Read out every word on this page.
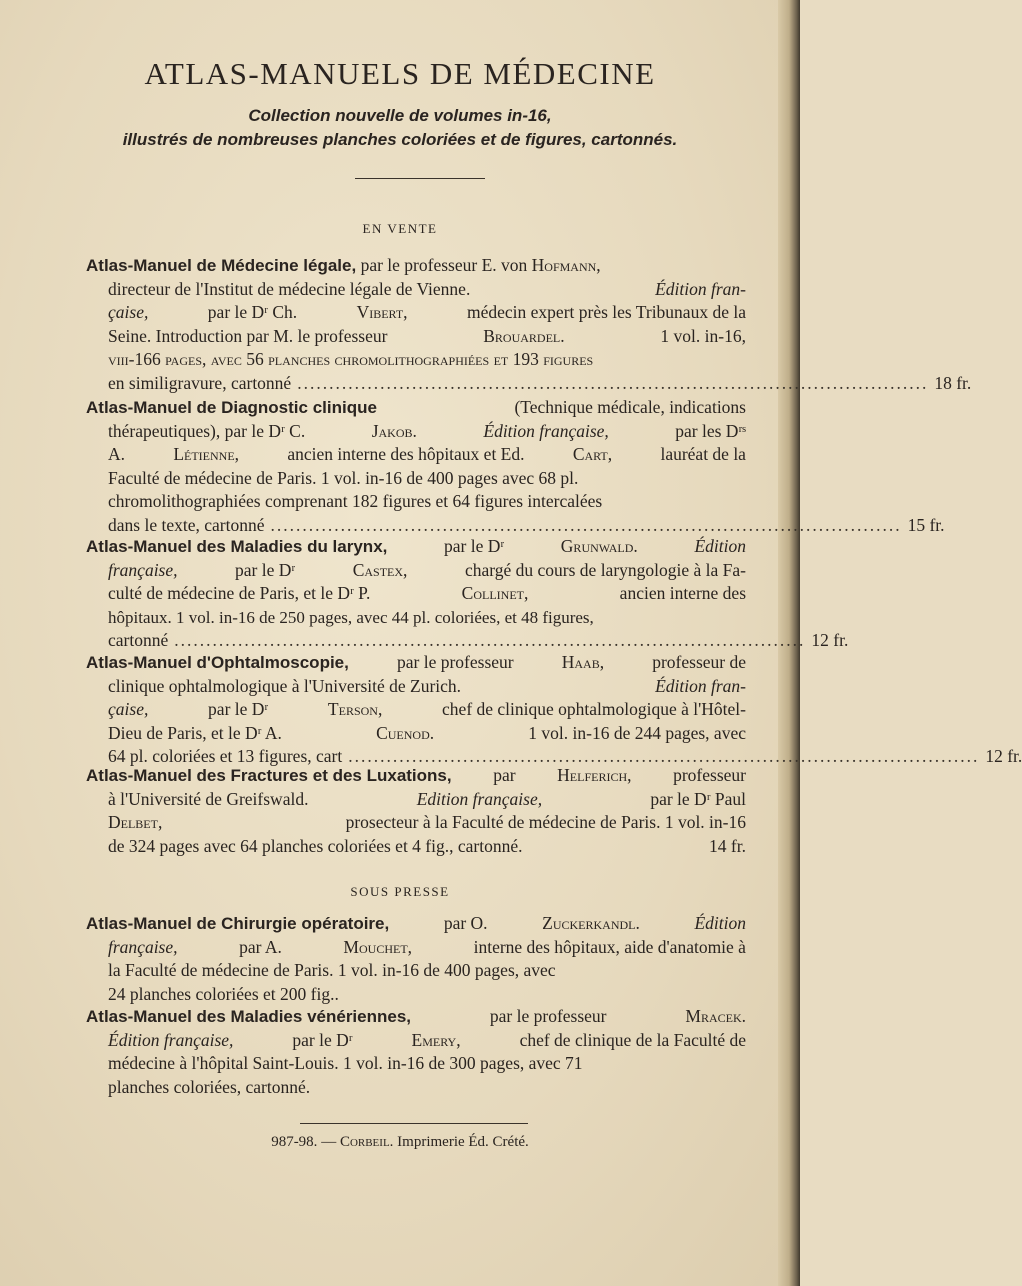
ATLAS-MANUELS DE MÉDECINE
Collection nouvelle de volumes in-16,
illustrés de nombreuses planches coloriées et de figures, cartonnés.
EN VENTE
Atlas-Manuel de Médecine légale, par le professeur E. von Hofmann,
directeur de l'Institut de médecine légale de Vienne.	Édition fran-
çaise,	par le Dʳ Ch.	Vibert,	médecin expert près les Tribunaux de la
Seine. Introduction par M. le professeur	Brouardel.	1 vol. in-16,
viii-166 pages, avec 56 planches chromolithographiées et 193 figures
en similigravure, cartonné ................................................................................................... 18 fr.
Atlas-Manuel de Diagnostic clinique	(Technique médicale, indications
thérapeutiques), par le Dʳ C.	Jakob.	Édition française,	par les Dʳˢ
A.	Létienne,	ancien interne des hôpitaux et Ed.	Cart,	lauréat de la
Faculté de médecine de Paris. 1 vol. in-16 de 400 pages avec 68 pl.
chromolithographiées comprenant 182 figures et 64 figures intercalées
dans le texte, cartonné ................................................................................................... 15 fr.
Atlas-Manuel des Maladies du larynx,	par le Dʳ	Grunwald.	Édition
française,	par le Dʳ	Castex,	chargé du cours de laryngologie à la Fa-
culté de médecine de Paris, et le Dʳ P.	Collinet,	ancien interne des
hôpitaux. 1 vol. in-16 de 250 pages, avec 44 pl. coloriées, et 48 figures,
cartonné ................................................................................................... 12 fr.
Atlas-Manuel d'Ophtalmoscopie,	par le professeur	Haab,	professeur de
clinique ophtalmologique à l'Université de Zurich.	Édition fran-
çaise,	par le Dʳ	Terson,	chef de clinique ophtalmologique à l'Hôtel-
Dieu de Paris, et le Dʳ A.	Cuenod.	1 vol. in-16 de 244 pages, avec
64 pl. coloriées et 13 figures, cart ................................................................................................... 12 fr.
Atlas-Manuel des Fractures et des Luxations, par Helferich, professeur
à l'Université de Greifswald.	Edition française,	par le Dʳ Paul
Delbet,	prosecteur à la Faculté de médecine de Paris. 1 vol. in-16
de 324 pages avec 64 planches coloriées et 4 fig., cartonné.	14 fr.
SOUS PRESSE
Atlas-Manuel de Chirurgie opératoire,	par O.	Zuckerkandl.	Édition
française,	par A.	Mouchet,	interne des hôpitaux, aide d'anatomie à
la Faculté de médecine de Paris. 1 vol. in-16 de 400 pages, avec
24 planches coloriées et 200 fig..
Atlas-Manuel des Maladies vénériennes,	par le professeur	Mracek.
Édition française,	par le Dʳ	Emery,	chef de clinique de la Faculté de
médecine à l'hôpital Saint-Louis. 1 vol. in-16 de 300 pages, avec 71
planches coloriées, cartonné.
987-98. — Corbeil. Imprimerie Éd. Crété.
